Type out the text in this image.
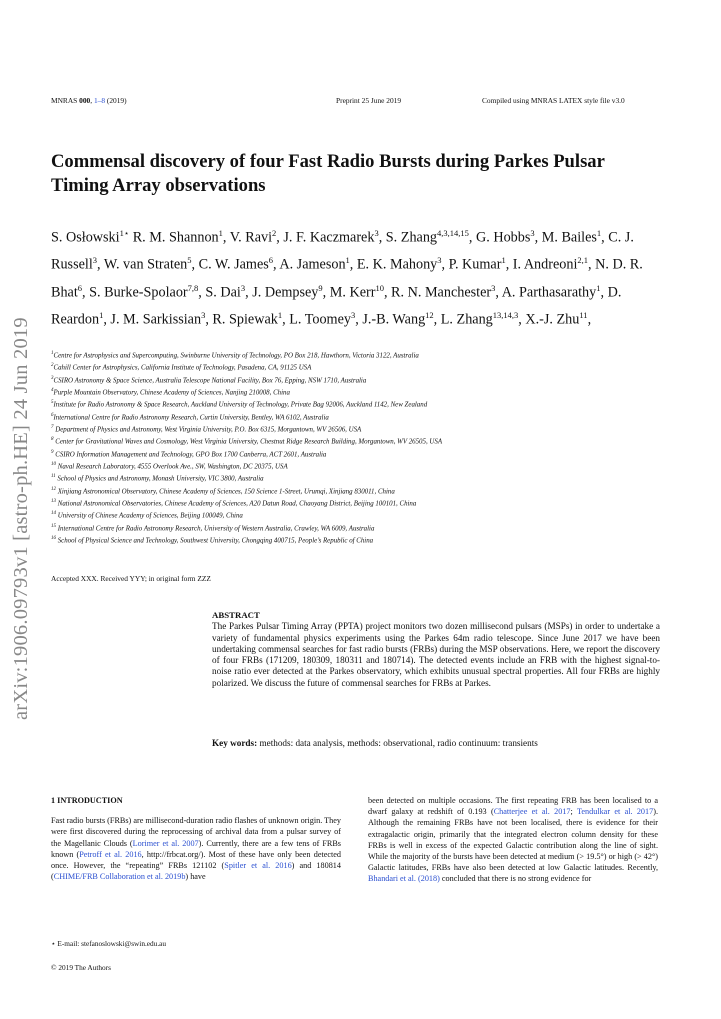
MNRAS 000, 1–8 (2019)	Preprint 25 June 2019	Compiled using MNRAS LATEX style file v3.0
Commensal discovery of four Fast Radio Bursts during Parkes Pulsar Timing Array observations
S. Osłowski$^{1⋆}$ R. M. Shannon$^1$, V. Ravi$^2$, J. F. Kaczmarek$^3$, S. Zhang$^{4,3,14,15}$, G. Hobbs$^3$, M. Bailes$^1$, C. J. Russell$^3$, W. van Straten$^5$, C. W. James$^6$, A. Jameson$^1$, E. K. Mahony$^3$, P. Kumar$^1$, I. Andreoni$^{2,1}$, N. D. R. Bhat$^6$, S. Burke-Spolaor$^{7,8}$, S. Dai$^3$, J. Dempsey$^9$, M. Kerr$^{10}$, R. N. Manchester$^3$, A. Parthasarathy$^1$, D. Reardon$^1$, J. M. Sarkissian$^3$, R. Spiewak$^1$, L. Toomey$^3$, J.-B. Wang$^{12}$, L. Zhang$^{13,14,3}$, X.-J. Zhu$^{11}$,
$^1$Centre for Astrophysics and Supercomputing, Swinburne University of Technology, PO Box 218, Hawthorn, Victoria 3122, Australia
$^2$Cahill Center for Astrophysics, California Institute of Technology, Pasadena, CA, 91125 USA
$^3$CSIRO Astronomy & Space Science, Australia Telescope National Facility, Box 76, Epping, NSW 1710, Australia
$^4$Purple Mountain Observatory, Chinese Academy of Sciences, Nanjing 210008, China
$^5$Institute for Radio Astronomy & Space Research, Auckland University of Technology, Private Bag 92006, Auckland 1142, New Zealand
$^6$International Centre for Radio Astronomy Research, Curtin University, Bentley, WA 6102, Australia
$^7$ Department of Physics and Astronomy, West Virginia University, P.O. Box 6315, Morgantown, WV 26506, USA
$^8$ Center for Gravitational Waves and Cosmology, West Virginia University, Chestnut Ridge Research Building, Morgantown, WV 26505, USA
$^9$ CSIRO Information Management and Technology, GPO Box 1700 Canberra, ACT 2601, Australia
$^{10}$ Naval Research Laboratory, 4555 Overlook Ave., SW, Washington, DC 20375, USA
$^{11}$ School of Physics and Astronomy, Monash University, VIC 3800, Australia
$^{12}$ Xinjiang Astronomical Observatory, Chinese Academy of Sciences, 150 Science 1-Street, Urumqi, Xinjiang 830011, China
$^{13}$ National Astronomical Observatories, Chinese Academy of Sciences, A20 Datun Road, Chaoyang District, Beijing 100101, China
$^{14}$ University of Chinese Academy of Sciences, Beijing 100049, China
$^{15}$ International Centre for Radio Astronomy Research, University of Western Australia, Crawley, WA 6009, Australia
$^{16}$ School of Physical Science and Technology, Southwest University, Chongqing 400715, People’s Republic of China
arXiv:1906.09793v1 [astro-ph.HE] 24 Jun 2019	Accepted XXX. Received YYY; in original form ZZZ
ABSTRACT
The Parkes Pulsar Timing Array (PPTA) project monitors two dozen millisecond pulsars (MSPs) in order to undertake a variety of fundamental physics experiments using the Parkes 64m radio telescope. Since June 2017 we have been undertaking commensal searches for fast radio bursts (FRBs) during the MSP observations. Here, we report the discovery of four FRBs (171209, 180309, 180311 and 180714). The detected events include an FRB with the highest signal-to-noise ratio ever detected at the Parkes observatory, which exhibits unusual spectral properties. All four FRBs are highly polarized. We discuss the future of commensal searches for FRBs at Parkes.
Key words: methods: data analysis, methods: observational, radio continuum: transients
1 INTRODUCTION
Fast radio bursts (FRBs) are millisecond-duration radio flashes of unknown origin. They were first discovered during the reprocessing of archival data from a pulsar survey of the Magellanic Clouds (Lorimer et al. 2007). Currently, there are a few tens of FRBs known (Petroff et al. 2016, http://frbcat.org/). Most of these have only been detected once. However, the “repeating” FRBs 121102 (Spitler et al. 2016) and 180814 (CHIME/FRB Collaboration et al. 2019b) have
been detected on multiple occasions. The first repeating FRB has been localised to a dwarf galaxy at redshift of 0.193 (Chatterjee et al. 2017; Tendulkar et al. 2017). Although the remaining FRBs have not been localised, there is evidence for their extragalactic origin, primarily that the integrated electron column density for these FRBs is well in excess of the expected Galactic contribution along the line of sight. While the majority of the bursts have been detected at medium (> 19.5°) or high (> 42°) Galactic latitudes, FRBs have also been detected at low Galactic latitudes. Recently, Bhandari et al. (2018) concluded that there is no strong evidence for
⋆ E-mail: stefanoslowski@swin.edu.au
© 2019 The Authors
